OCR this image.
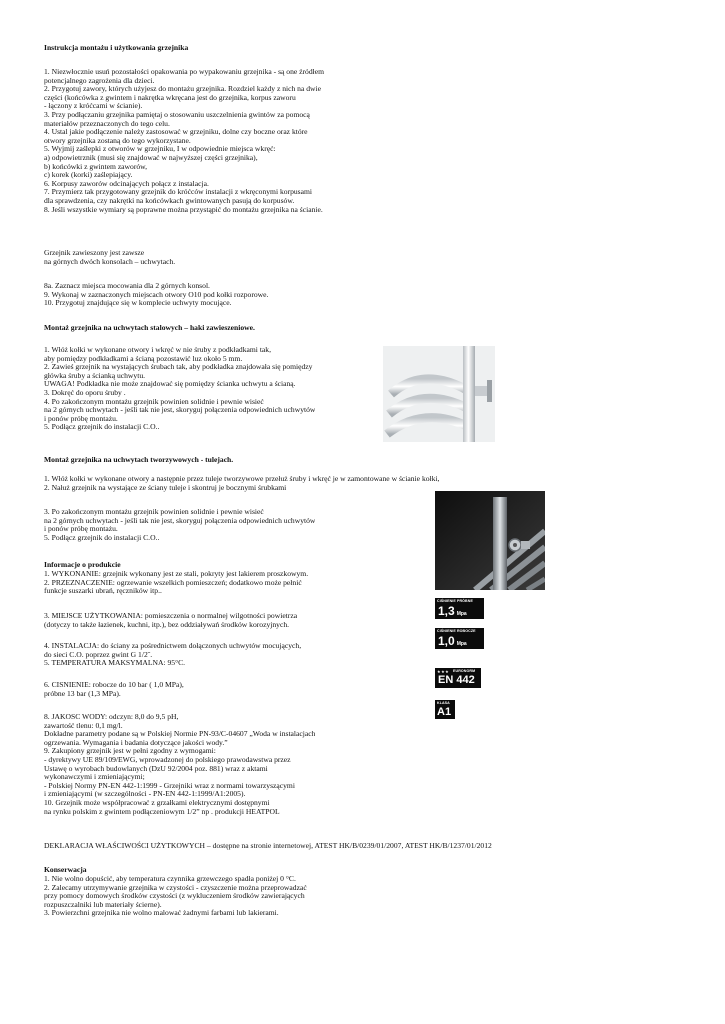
Instrukcja montażu i użytkowania grzejnika
1. Niezwłocznie usuń pozostałości opakowania po wypakowaniu grzejnika - są one źródłem
potencjalnego zagrożenia dla dzieci.
2. Przygotuj zawory, których użyjesz do montażu grzejnika. Rozdziel każdy z nich na dwie
części (końcówka z gwintem i nakrętka wkręcana jest do grzejnika, korpus zaworu
- łączony z króćcami w ścianie).
3. Przy podłączaniu grzejnika pamiętaj o stosowaniu uszczelnienia gwintów za pomocą
materiałów przeznaczonych do tego celu.
4. Ustal jakie podłączenie należy zastosować w grzejniku, dolne czy boczne oraz które
otwory grzejnika zostaną do tego wykorzystane.
5. Wyjmij zaślepki z otworów w grzejniku, I w odpowiednie miejsca wkręć:
a) odpowietrznik (musi się znajdować w najwyższej części grzejnika),
b) końcówki z gwintem zaworów,
c) korek (korki) zaślepiający.
6. Korpusy zaworów odcinających połącz z instalacja.
7. Przymierz tak przygotowany grzejnik do króćców instalacji z wkręconymi korpusami
dla sprawdzenia, czy nakrętki na końcówkach gwintowanych pasują do korpusów.
8. Jeśli wszystkie wymiary są poprawne można przystąpić do montażu grzejnika na ścianie.
Grzejnik zawieszony jest zawsze
na górnych dwóch konsolach – uchwytach.
8a. Zaznacz miejsca mocowania dla 2 górnych konsol.
9. Wykonaj w zaznaczonych miejscach otwory O10 pod kołki rozporowe.
10. Przygotuj znajdujące się w komplecie uchwyty mocujące.
Montaż grzejnika na uchwytach stalowych – haki zawieszeniowe.
1. Włóż kołki w wykonane otwory i wkręć w nie śruby z podkładkami tak,
aby pomiędzy podkładkami a ścianą pozostawić luz około 5 mm.
2. Zawieś grzejnik na wystających śrubach tak, aby podkładka znajdowała się pomiędzy
główka śruby a ścianką uchwytu.
UWAGA! Podkładka nie może znajdować się pomiędzy ścianka uchwytu a ścianą.
3. Dokręć do oporu śruby .
4. Po zakończonym montażu grzejnik powinien solidnie i pewnie wisieć
na 2 górnych uchwytach - jeśli tak nie jest, skoryguj połączenia odpowiednich uchwytów
i ponów próbę montażu.
5. Podłącz grzejnik do instalacji C.O..
Montaż grzejnika na uchwytach tworzywowych - tulejach.
1. Włóż kołki w wykonane otwory a następnie przez tuleje tworzywowe przełuż śruby i wkręć je w zamontowane w ścianie kołki,
2. Nałuż grzejnik na wystające ze ściany tuleje i skontruj je bocznymi śrubkami
3. Po zakończonym montażu grzejnik powinien solidnie i pewnie wisieć
na 2 górnych uchwytach - jeśli tak nie jest, skoryguj połączenia odpowiednich uchwytów
i ponów próbę montażu.
5. Podłącz grzejnik do instalacji C.O..
Informacje o produkcie
1. WYKONANIE: grzejnik wykonany jest ze stali, pokryty jest lakierem proszkowym.
2. PRZEZNACZENIE: ogrzewanie wszelkich pomieszczeń; dodatkowo może pełnić
funkcje suszarki ubrań, ręczników itp..
3. MIEJSCE UŻYTKOWANIA: pomieszczenia o normalnej wilgotności powietrza
(dotyczy to także łazienek, kuchni, itp.), bez oddziaływań środków korozyjnych.
4. INSTALACJA: do ściany za pośrednictwem dołączonych uchwytów mocujących,
do sieci C.O. poprzez gwint G 1/2˝.
5. TEMPERATURA MAKSYMALNA: 95°C.
6. CISNIENIE: robocze do 10 bar ( 1,0 MPa),
próbne 13 bar (1,3 MPa).
8. JAKOSC WODY: odczyn: 8,0 do 9,5 pH,
zawartość tlenu: 0,1 mg/l.
Dokładne parametry podane są w Polskiej Normie PN-93/C-04607 „Woda w instalacjach
ogrzewania. Wymagania i badania dotyczące jakości wody.”
9. Zakupiony grzejnik jest w pełni zgodny z wymogami:
- dyrektywy UE 89/109/EWG, wprowadzonej do polskiego prawodawstwa przez
Ustawę o wyrobach budowlanych (DzU 92/2004 poz. 881) wraz z aktami
wykonawczymi i zmieniającymi;
- Polskiej Normy PN-EN 442-1:1999 - Grzejniki wraz z normami towarzyszącymi
i zmieniającymi (w szczególności - PN-EN 442-1:1999/A1:2005).
10. Grzejnik może współpracować z grzałkami elektrycznymi dostępnymi
na rynku polskim z gwintem podłączeniowym 1/2” np . produkcji HEATPOL
CIŚNIENIE PRÓBNE
1,3 Mpa
CIŚNIENIE ROBOCZE
1,0 Mpa
★★★ EURONORM
EN 442
KLASA
A1
DEKLARACJA WŁAŚCIWOŚCI UŻYTKOWYCH – dostępne na stronie internetowej, ATEST HK/B/0239/01/2007, ATEST HK/B/1237/01/2012
Konserwacja
1. Nie wolno dopuścić, aby temperatura czynnika grzewczego spadła poniżej 0 °C.
2. Zalecamy utrzymywanie grzejnika w czystości - czyszczenie można przeprowadzać
przy pomocy domowych środków czystości (z wykluczeniem środków zawierających
rozpuszczalniki lub materiały ścierne).
3. Powierzchni grzejnika nie wolno malować żadnymi farbami lub lakierami.
